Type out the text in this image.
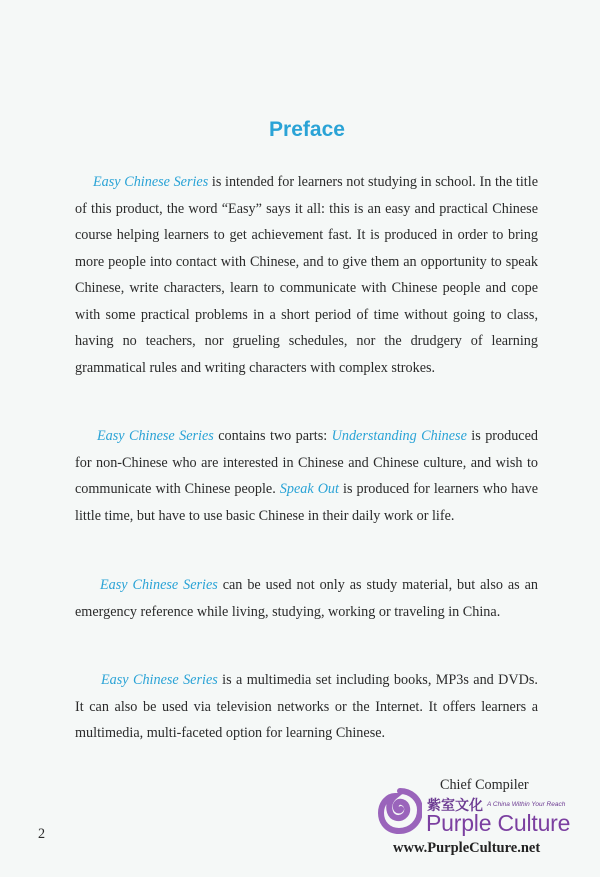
Preface

Easy Chinese Series is intended for learners not studying in school. In the title of this product, the word “Easy” says it all: this is an easy and practical Chinese course helping learners to get achievement fast. It is produced in order to bring more people into contact with Chinese, and to give them an opportunity to speak Chinese, write characters, learn to communicate with Chinese people and cope with some practical problems in a short period of time without going to class, having no teachers, nor grueling schedules, nor the drudgery of learning grammatical rules and writing characters with complex strokes.

Easy Chinese Series contains two parts: Understanding Chinese is produced for non-Chinese who are interested in Chinese and Chinese culture, and wish to communicate with Chinese people. Speak Out is produced for learners who have little time, but have to use basic Chinese in their daily work or life.

Easy Chinese Series can be used not only as study material, but also as an emergency reference while living, studying, working or traveling in China.

Easy Chinese Series is a multimedia set including books, MP3s and DVDs. It can also be used via television networks or the Internet. It offers learners a multimedia, multi-faceted option for learning Chinese.

Chief Compiler
2
紫室文化 A China Within Your Reach
Purple Culture
www.PurpleCulture.net
